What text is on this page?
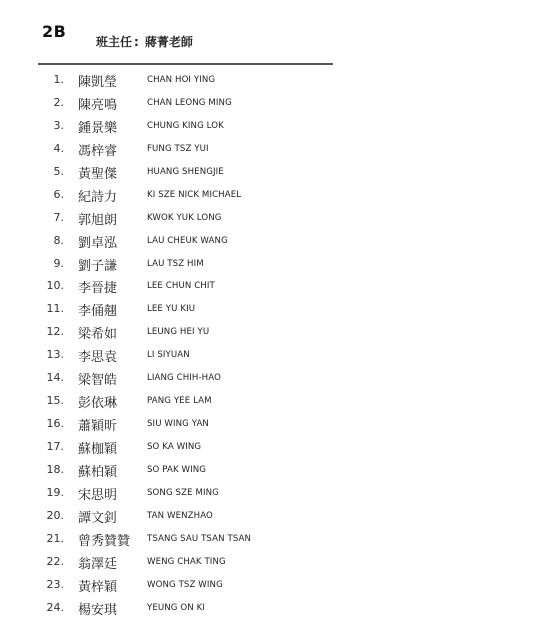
2B
班主任 : 蔣菁老師
1. 陳凱瑩	CHAN HOI YING
2. 陳亮鳴	CHAN LEONG MING
3. 鍾景樂	CHUNG KING LOK
4. 馮梓睿	FUNG TSZ YUI
5. 黃聖傑	HUANG SHENGJIE
6. 紀詩力	KI SZE NICK MICHAEL
7. 郭旭朗	KWOK YUK LONG
8. 劉卓泓	LAU CHEUK WANG
9. 劉子謙	LAU TSZ HIM
10. 李晉捷	LEE CHUN CHIT
11. 李俑翹	LEE YU KIU
12. 梁希如	LEUNG HEI YU
13. 李思袁	LI SIYUAN
14. 梁智皓	LIANG CHIH-HAO
15. 彭依琳	PANG YEE LAM
16. 蕭穎昕	SIU WING YAN
17. 蘇枷穎	SO KA WING
18. 蘇柏穎	SO PAK WING
19. 宋思明	SONG SZE MING
20. 譚文釗	TAN WENZHAO
21. 曾秀贊贊 TSANG SAU TSAN TSAN
22. 翁澤廷	WENG CHAK TING
23. 黃梓穎	WONG TSZ WING
24. 楊安琪	YEUNG ON KI
